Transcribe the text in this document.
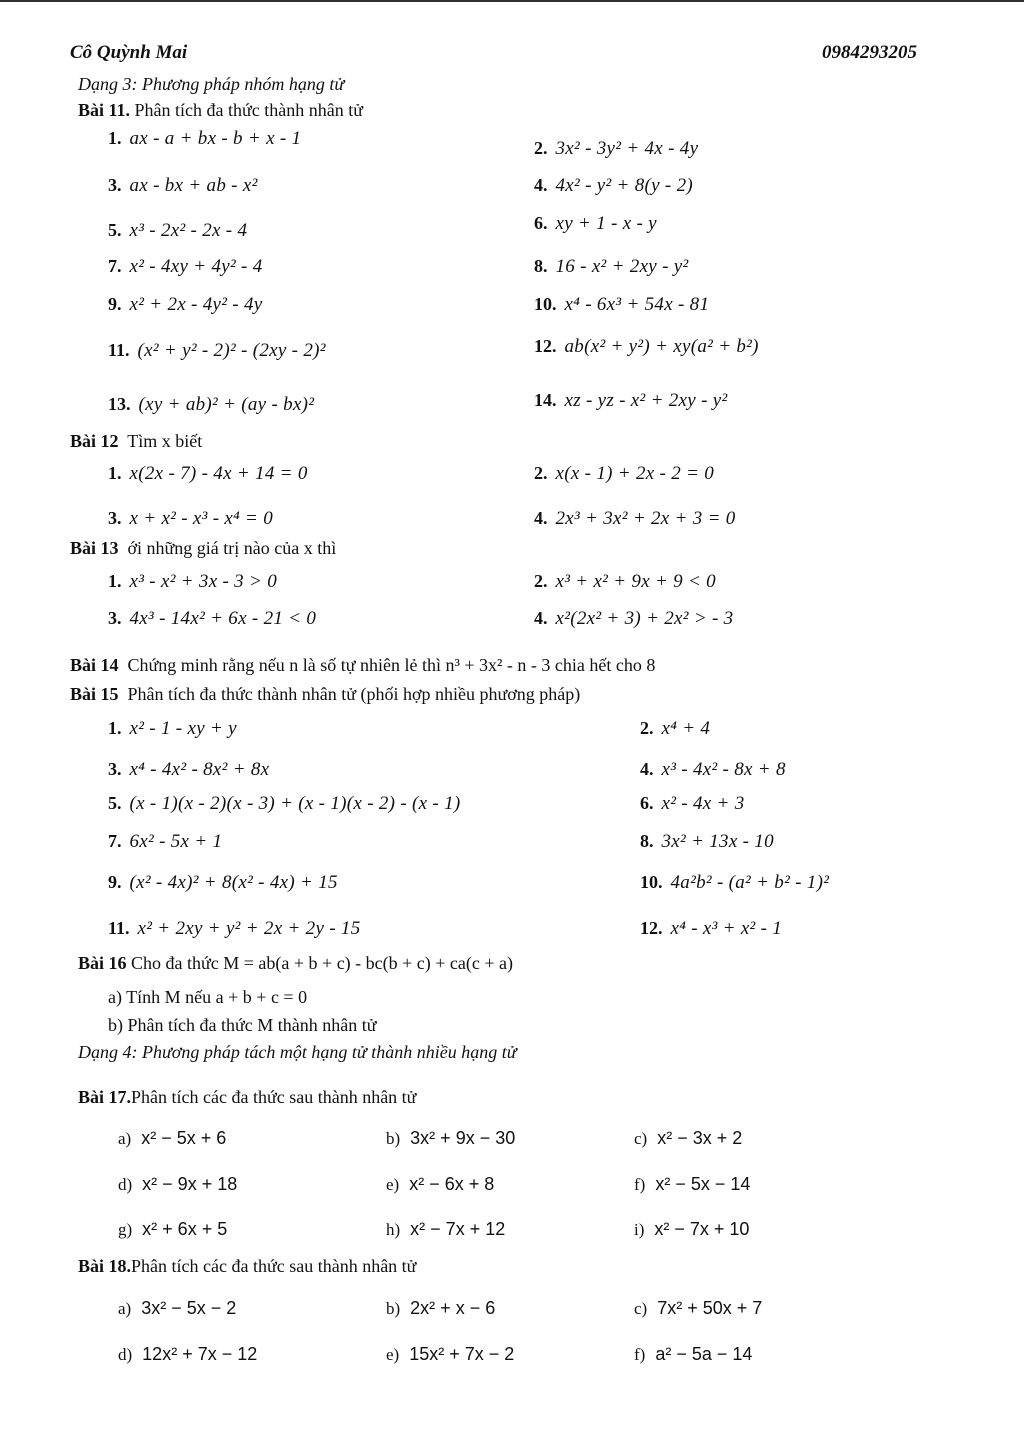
Cô Quỳnh Mai	0984293205
Dạng 3: Phương pháp nhóm hạng tử
Bài 11. Phân tích đa thức thành nhân tử
1. ax - a + bx - b + x - 1	2. 3x² - 3y² + 4x - 4y
3. ax - bx + ab - x²	4. 4x² - y² + 8(y - 2)
5. x³ - 2x² - 2x - 4	6. xy + 1 - x - y
7. x² - 4xy + 4y² - 4	8. 16 - x² + 2xy - y²
9. x² + 2x - 4y² - 4y	10. x⁴ - 6x³ + 54x - 81
11. (x² + y² - 2)² - (2xy - 2)²	12. ab(x² + y²) + xy(a² + b²)
13. (xy + ab)² + (ay - bx)²	14. xz - yz - x² + 2xy - y²
Bài 12 Tìm x biết
1. x(2x - 7) - 4x + 14 = 0	2. x(x - 1) + 2x - 2 = 0
3. x + x² - x³ - x⁴ = 0	4. 2x³ + 3x² + 2x + 3 = 0
Bài 13 ới những giá trị nào của x thì
1. x³ - x² + 3x - 3 > 0	2. x³ + x² + 9x + 9 < 0
3. 4x³ - 14x² + 6x - 21 < 0	4. x²(2x² + 3) + 2x² > - 3
Bài 14 Chứng minh rằng nếu n là số tự nhiên lẻ thì n³ + 3x² - n - 3 chia hết cho 8
Bài 15 Phân tích đa thức thành nhân tử (phối hợp nhiều phương pháp)
1. x² - 1 - xy + y	2. x⁴ + 4
3. x⁴ - 4x² - 8x² + 8x	4. x³ - 4x² - 8x + 8
5. (x - 1)(x - 2)(x - 3) + (x - 1)(x - 2) - (x - 1)	6. x² - 4x + 3
7. 6x² - 5x + 1	8. 3x² + 13x - 10
9. (x² - 4x)² + 8(x² - 4x) + 15	10. 4a²b² - (a² + b² - 1)²
11. x² + 2xy + y² + 2x + 2y - 15	12. x⁴ - x³ + x² - 1
Bài 16 Cho đa thức M = ab(a + b + c) - bc(b + c) + ca(c + a)
a) Tính M nếu a + b + c = 0
b) Phân tích đa thức M thành nhân tử
Dạng 4: Phương pháp tách một hạng tử thành nhiều hạng tử
Bài 17.Phân tích các đa thức sau thành nhân tử
a) x² − 5x + 6	b) 3x² + 9x − 30	c) x² − 3x + 2
d) x² − 9x + 18	e) x² − 6x + 8	f) x² − 5x − 14
g) x² + 6x + 5	h) x² − 7x + 12	i) x² − 7x + 10
Bài 18.Phân tích các đa thức sau thành nhân tử
a) 3x² − 5x − 2	b) 2x² + x − 6	c) 7x² + 50x + 7
d) 12x² + 7x − 12	e) 15x² + 7x − 2	f) a² − 5a − 14
